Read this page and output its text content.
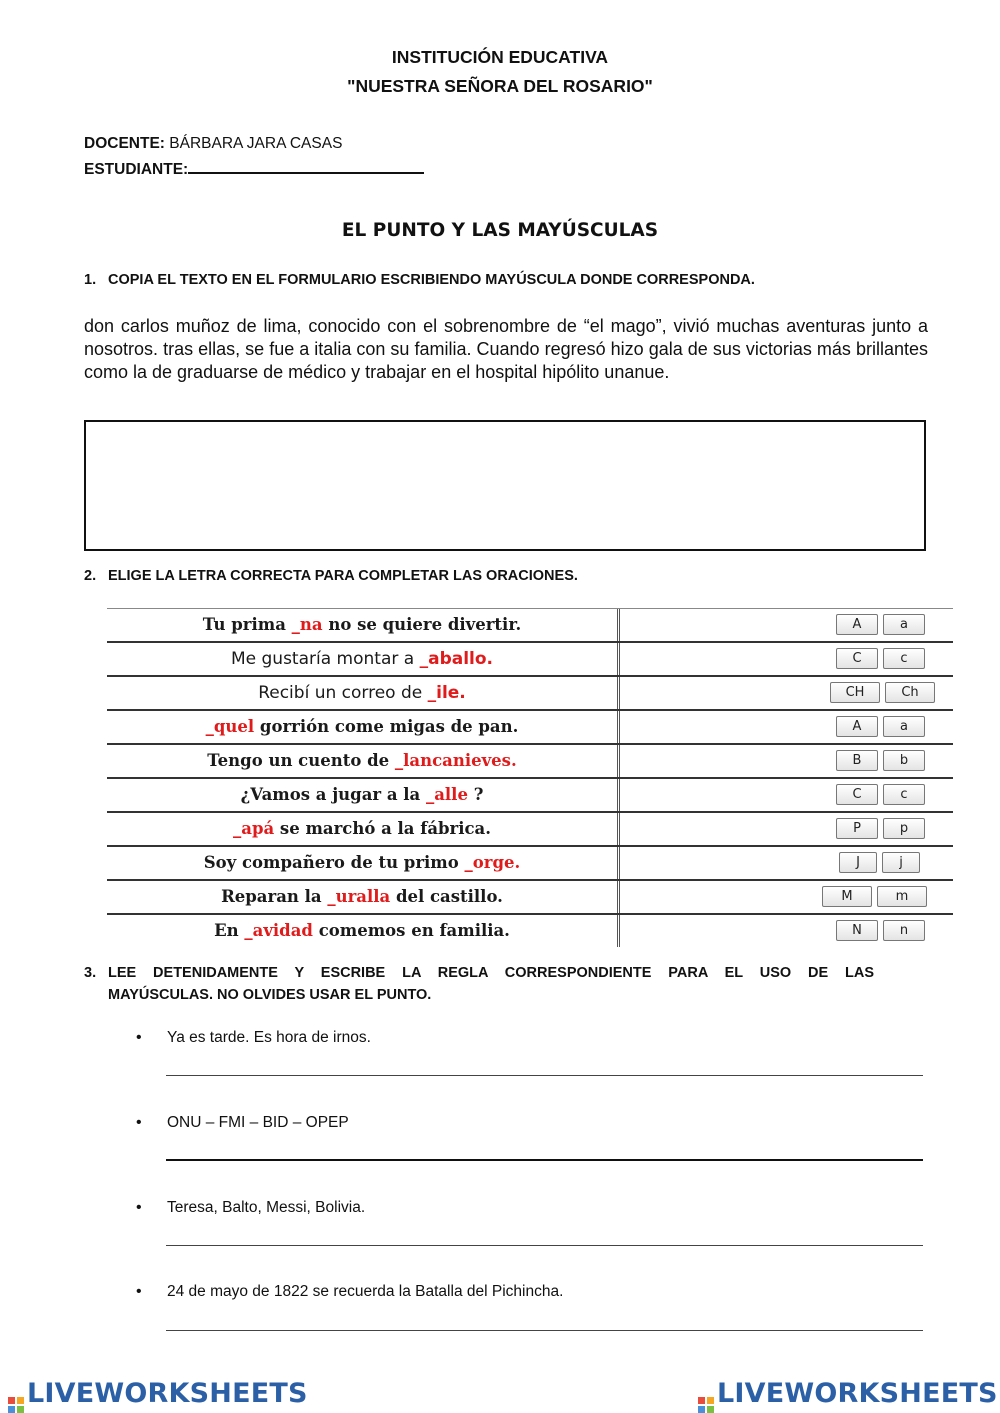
INSTITUCIÓN EDUCATIVA
"NUESTRA SEÑORA DEL ROSARIO"
DOCENTE: BÁRBARA JARA CASAS
ESTUDIANTE:
EL PUNTO Y LAS MAYÚSCULAS
1. COPIA EL TEXTO EN EL FORMULARIO ESCRIBIENDO MAYÚSCULA DONDE CORRESPONDA.
don carlos muñoz de lima, conocido con el sobrenombre de “el mago”, vivió muchas aventuras junto a nosotros. tras ellas, se fue a italia con su familia. Cuando regresó hizo gala de sus victorias más brillantes como la de graduarse de médico y trabajar en el hospital hipólito unanue.
2. ELIGE LA LETRA CORRECTA PARA COMPLETAR LAS ORACIONES.
Tu prima _na no se quiere divertir.	A	a
Me gustaría montar a _aballo.	C	c
Recibí un correo de _ile.	CH	Ch
_quel gorrión come migas de pan.	A	a
Tengo un cuento de _lancanieves.	B	b
¿Vamos a jugar a la _alle ?	C	c
_apá se marchó a la fábrica.	P	p
Soy compañero de tu primo _orge.	J	j
Reparan la _uralla del castillo.	M	m
En _avidad comemos en familia.	N	n
3. LEE DETENIDAMENTE Y ESCRIBE LA REGLA CORRESPONDIENTE PARA EL USO DE LAS
MAYÚSCULAS. NO OLVIDES USAR EL PUNTO.
• Ya es tarde. Es hora de irnos.
• ONU – FMI – BID – OPEP
• Teresa, Balto, Messi, Bolivia.
• 24 de mayo de 1822 se recuerda la Batalla del Pichincha.
LIVEWORKSHEETS	LIVEWORKSHEETS
